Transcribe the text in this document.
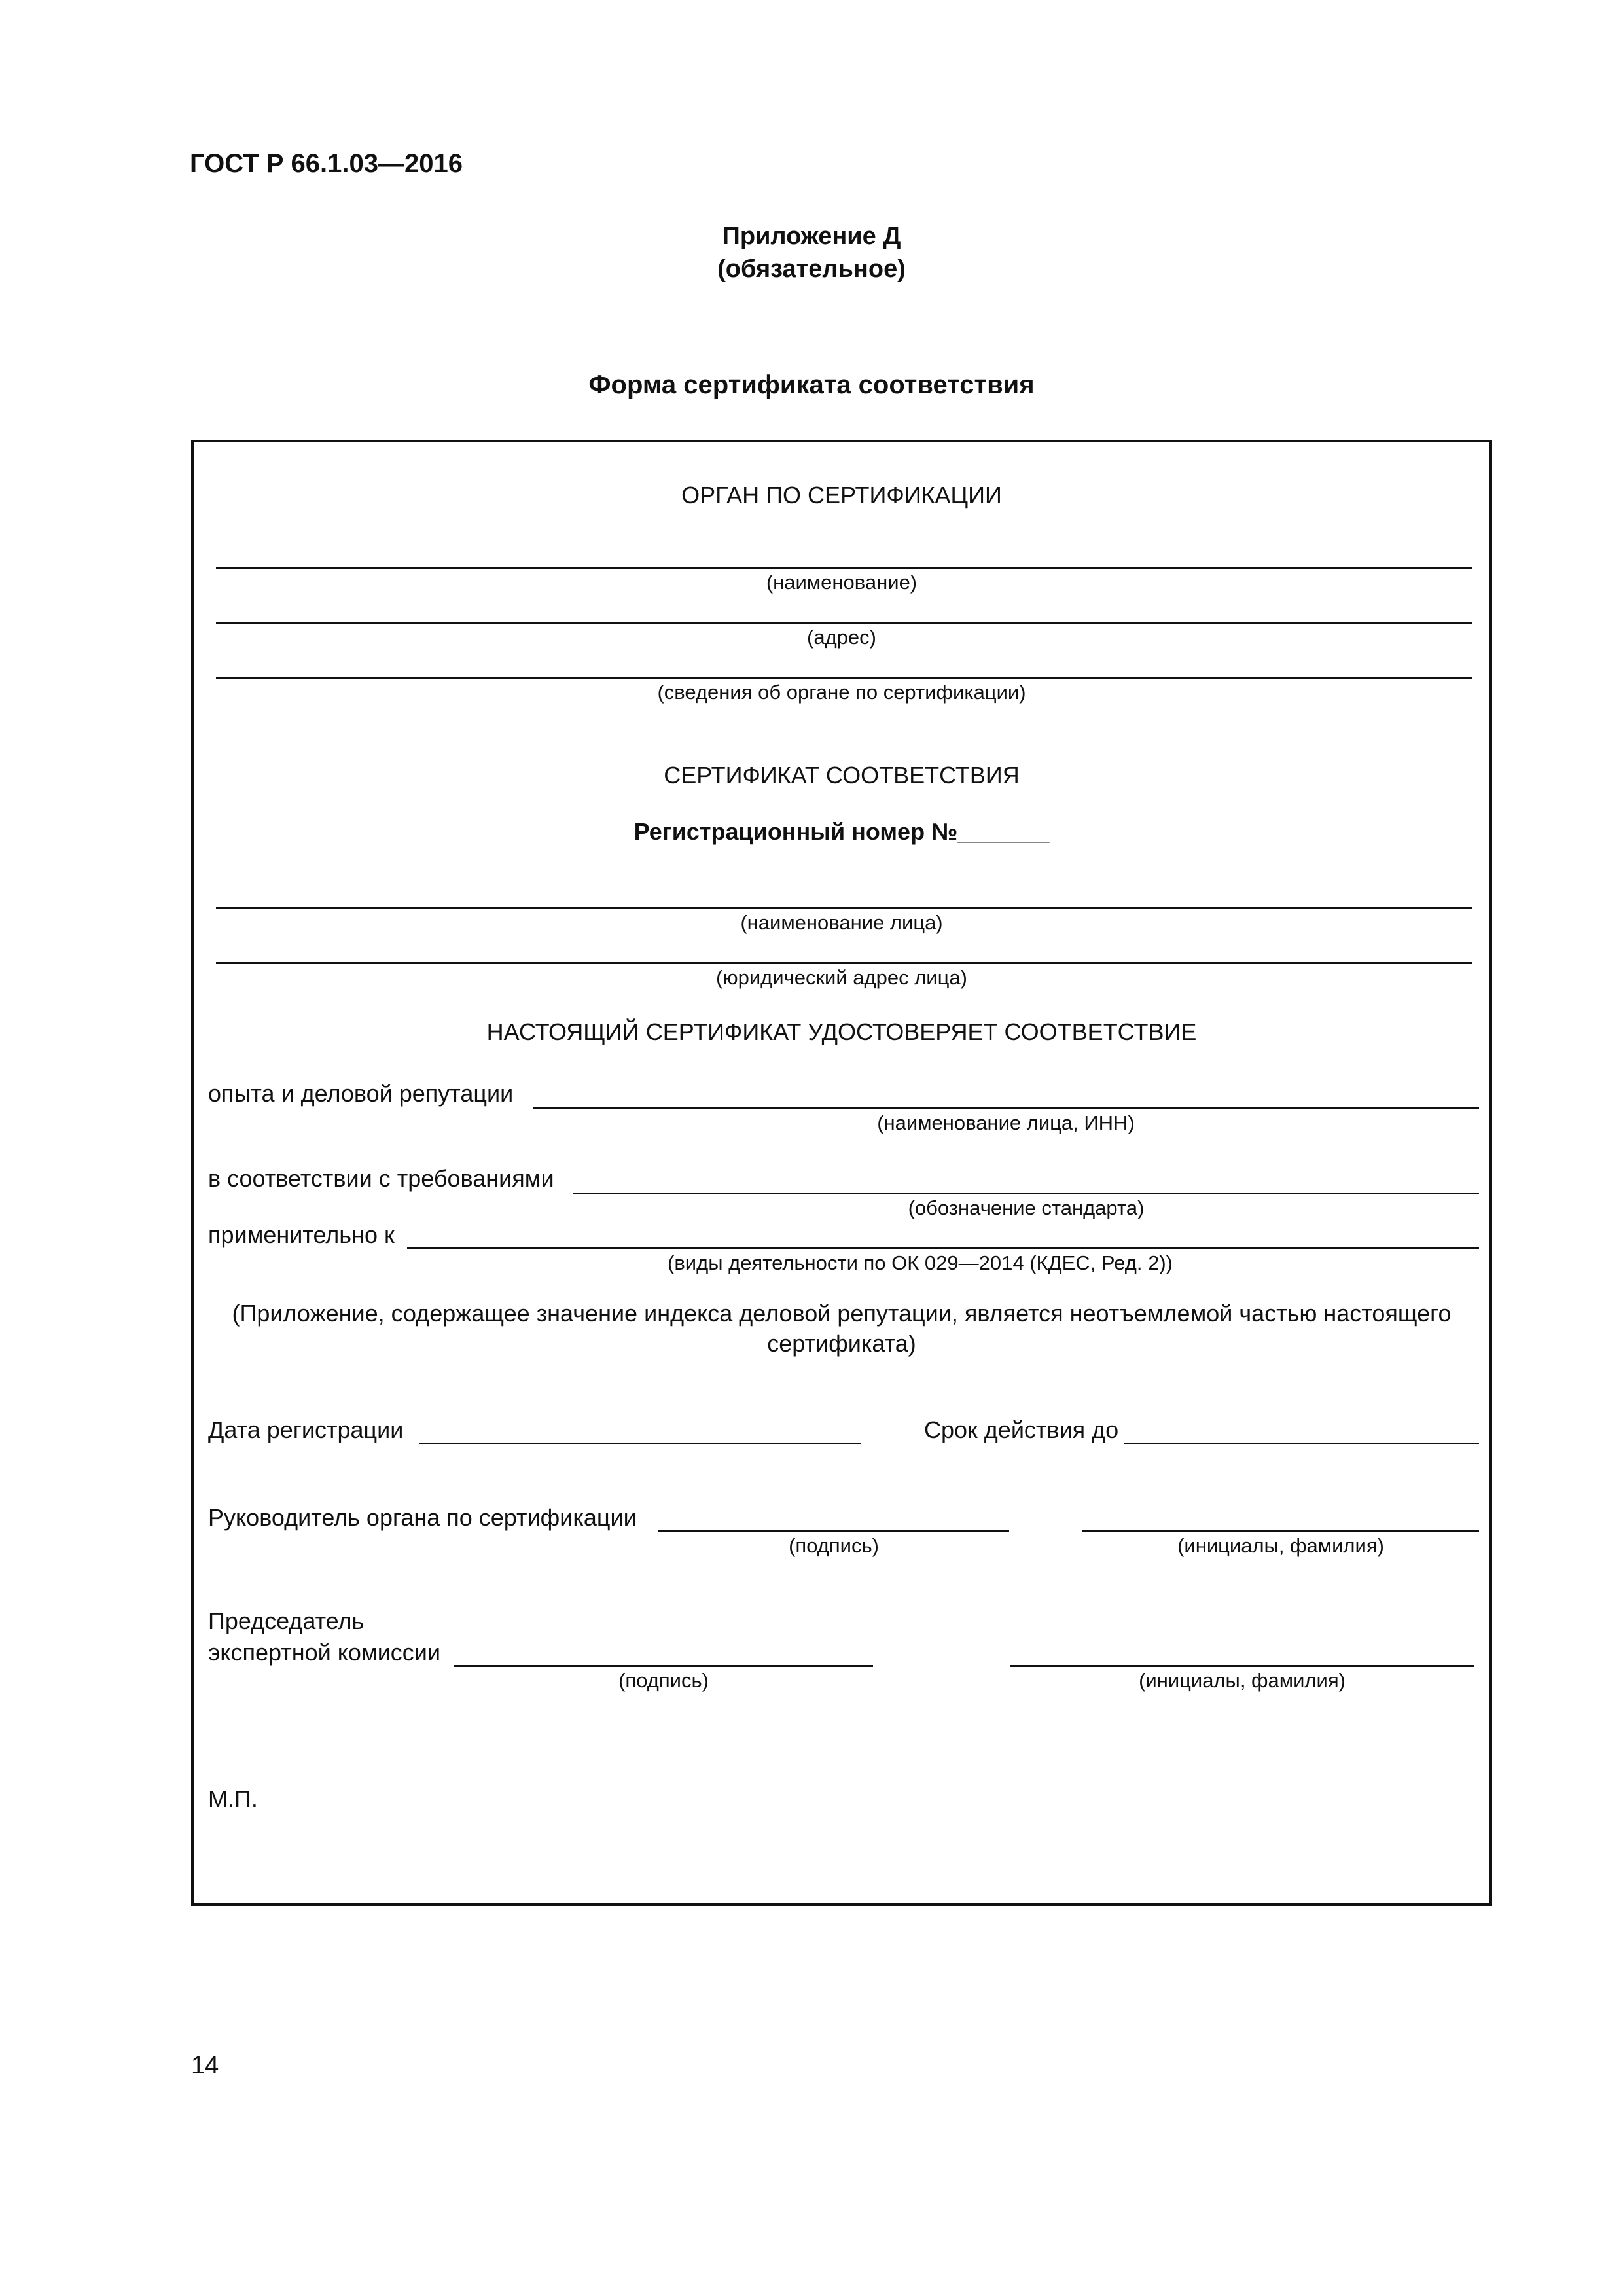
ГОСТ Р 66.1.03—2016
Приложение Д
(обязательное)
Форма сертификата соответствия
ОРГАН ПО СЕРТИФИКАЦИИ
(наименование)
(адрес)
(сведения об органе по сертификации)
СЕРТИФИКАТ СООТВЕТСТВИЯ
Регистрационный номер №_______
(наименование лица)
(юридический адрес лица)
НАСТОЯЩИЙ СЕРТИФИКАТ УДОСТОВЕРЯЕТ СООТВЕТСТВИЕ
опыта и деловой репутации
(наименование лица, ИНН)
в соответствии с требованиями
(обозначение стандарта)
применительно к
(виды деятельности по ОК 029—2014 (КДЕС, Ред. 2))
(Приложение, содержащее значение индекса деловой репутации, является неотъемлемой частью настоящего
сертификата)
Дата регистрации	Срок действия до
Руководитель органа по сертификации
(подпись)	(инициалы, фамилия)
Председатель
экспертной комиссии
(подпись)	(инициалы, фамилия)
М.П.
14
